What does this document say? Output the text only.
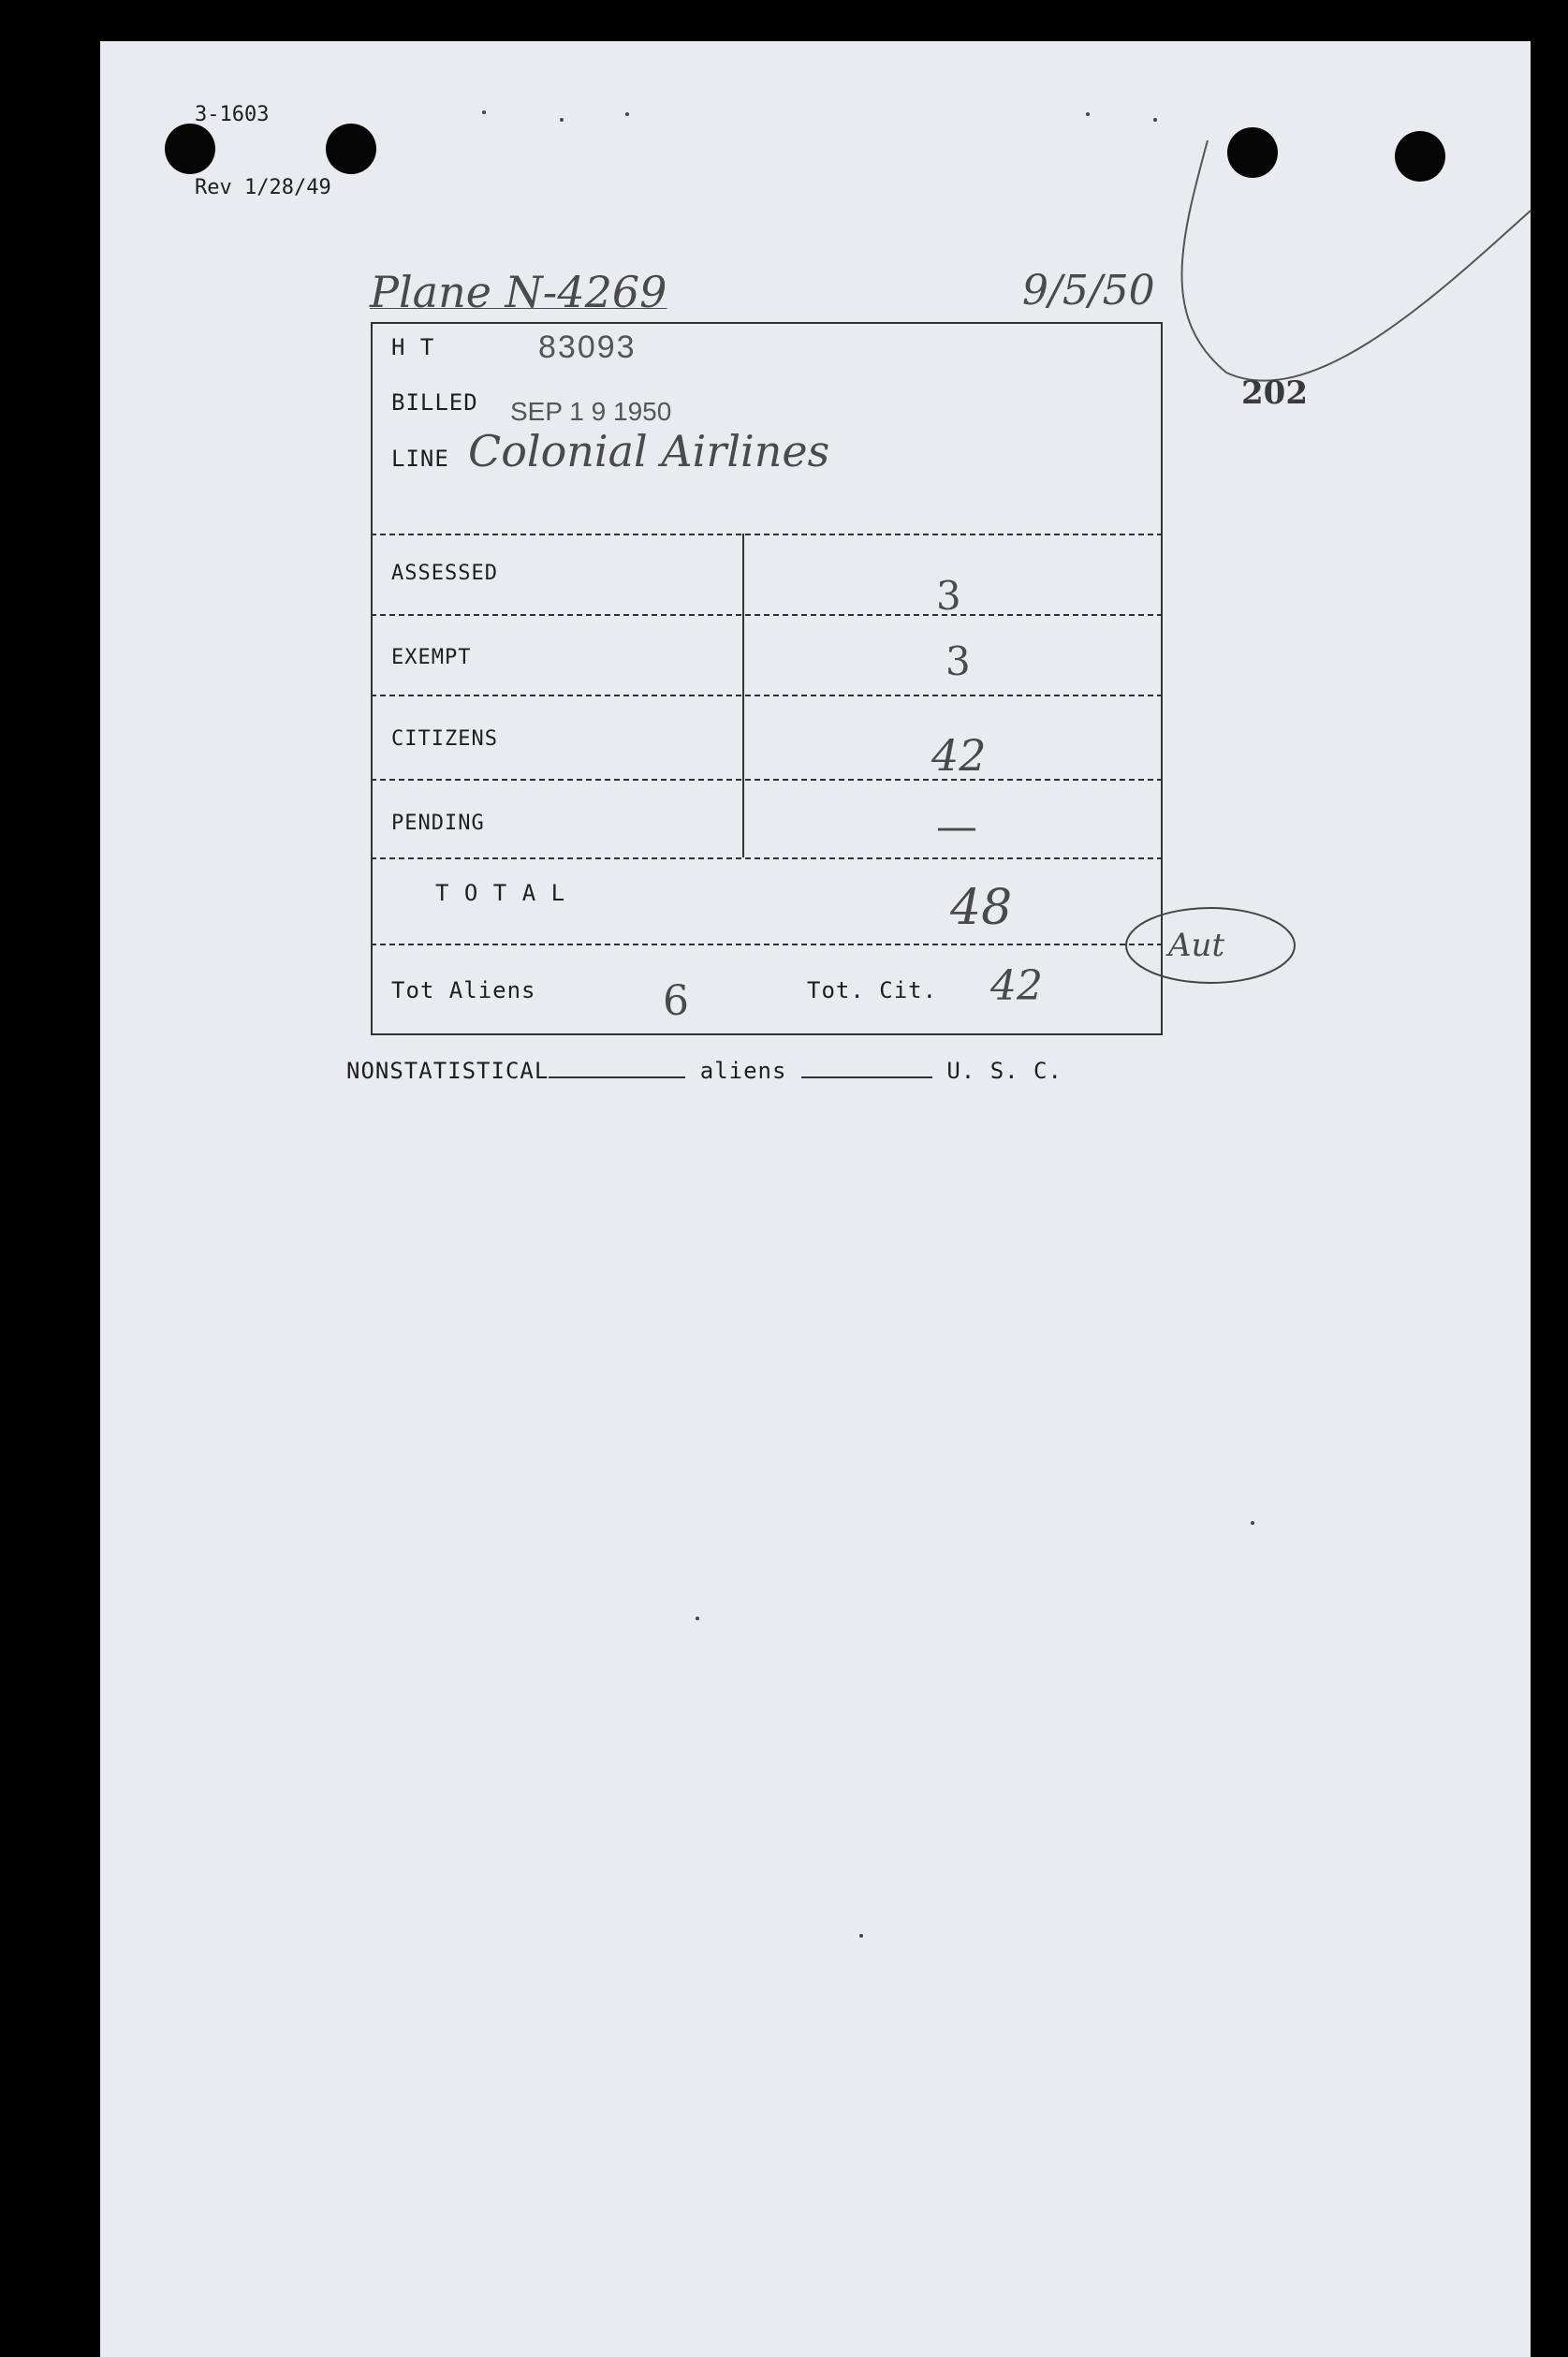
3-1603

Rev 1/28/49

Plane N-4269	9/5/50
202
H T	83093
BILLED SEP 1 9 1950
LINE Colonial Airlines
ASSESSED	3
EXEMPT	3
CITIZENS	42
PENDING	—
T O T A L	48
Tot Aliens	6	Tot. Cit. 42
Aut
NONSTATISTICAL	aliens	U. S. C.
